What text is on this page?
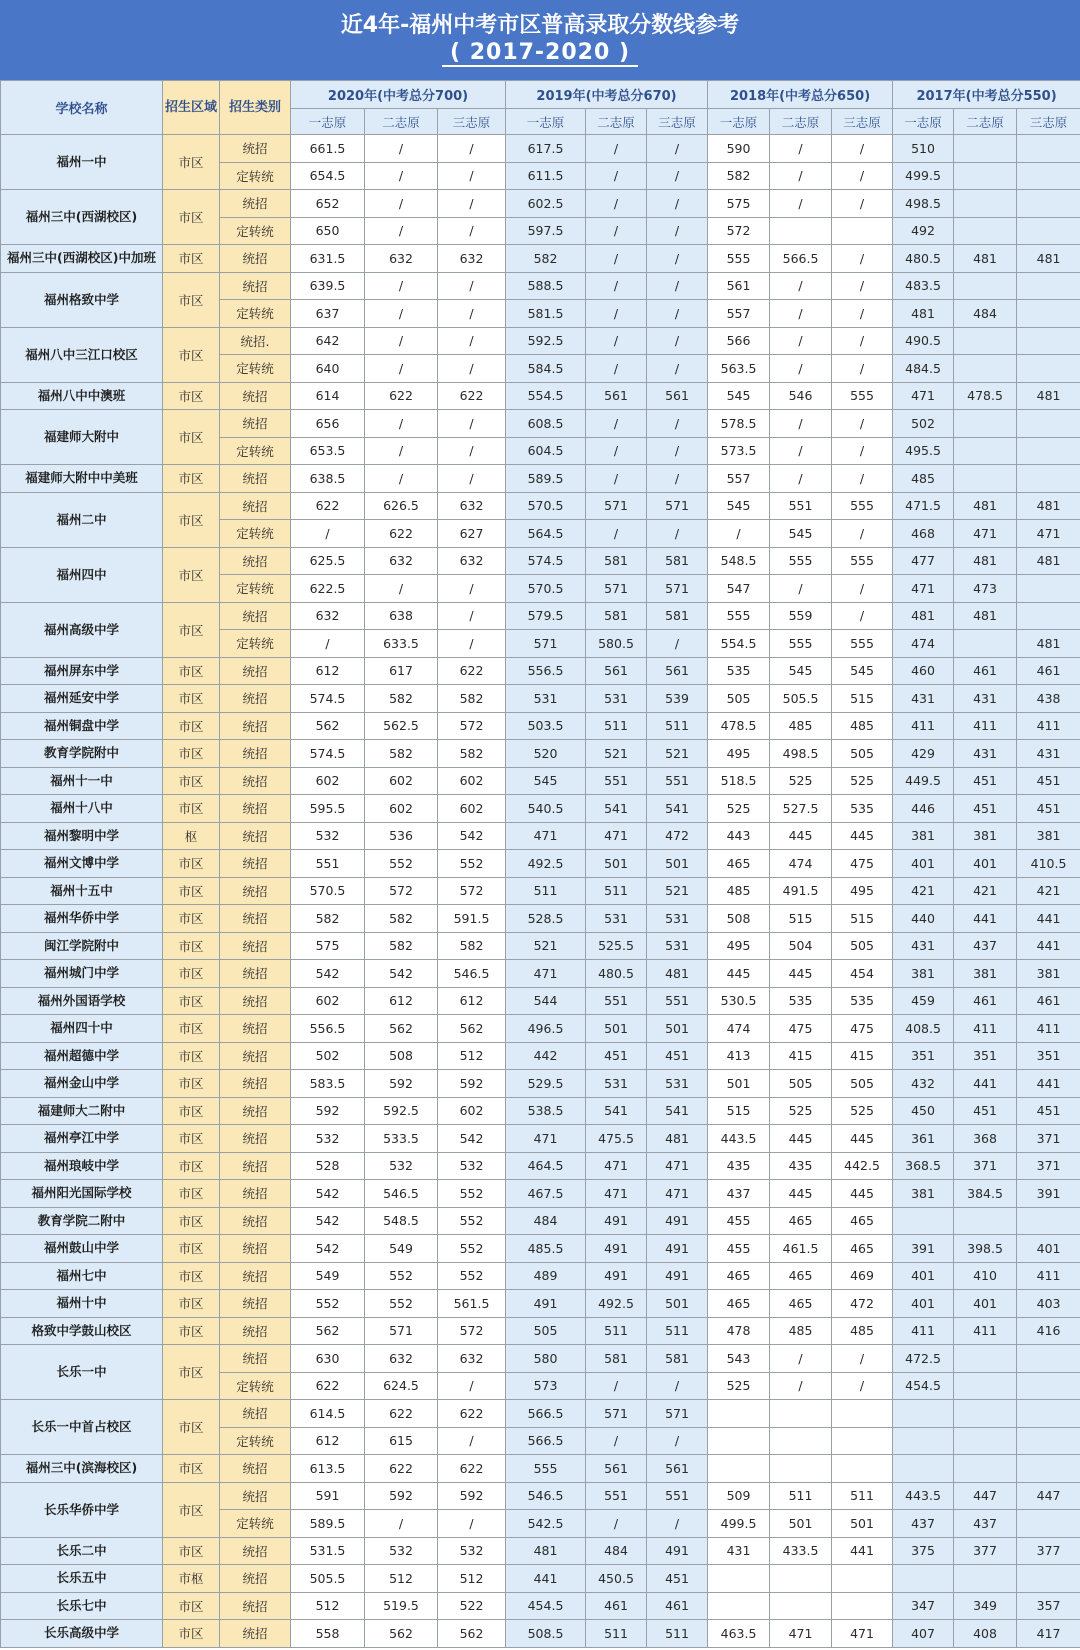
近4年-福州中考市区普高录取分数线参考
( 2017-2020 )
学校名称	招生区域	招生类别	2020年(中考总分700)			2019年(中考总分670)			2018年(中考总分650)			2017年(中考总分550)		
			一志原	二志原	三志原	一志原	二志原	三志原	一志原	二志原	三志原	一志原	二志原	三志原
福州一中	市区	统招	661.5	/	/	617.5	/	/	590	/	/	510		
		定转统	654.5	/	/	611.5	/	/	582	/	/	499.5		
福州三中(西湖校区)	市区	统招	652	/	/	602.5	/	/	575	/	/	498.5		
		定转统	650	/	/	597.5	/	/	572			492		
福州三中(西湖校区)中加班	市区	统招	631.5	632	632	582	/	/	555	566.5	/	480.5	481	481
福州格致中学	市区	统招	639.5	/	/	588.5	/	/	561	/	/	483.5		
		定转统	637	/	/	581.5	/	/	557	/	/	481	484	
福州八中三江口校区	市区	统招.	642	/	/	592.5	/	/	566	/	/	490.5		
		定转统	640	/	/	584.5	/	/	563.5	/	/	484.5		
福州八中中澳班	市区	统招	614	622	622	554.5	561	561	545	546	555	471	478.5	481
福建师大附中	市区	统招	656	/	/	608.5	/	/	578.5	/	/	502		
		定转统	653.5	/	/	604.5	/	/	573.5	/	/	495.5		
福建师大附中中美班	市区	统招	638.5	/	/	589.5	/	/	557	/	/	485		
福州二中	市区	统招	622	626.5	632	570.5	571	571	545	551	555	471.5	481	481
		定转统	/	622	627	564.5	/	/	/	545	/	468	471	471
福州四中	市区	统招	625.5	632	632	574.5	581	581	548.5	555	555	477	481	481
		定转统	622.5	/	/	570.5	571	571	547	/	/	471	473	
福州高级中学	市区	统招	632	638	/	579.5	581	581	555	559	/	481	481	
		定转统	/	633.5	/	571	580.5	/	554.5	555	555	474		481
福州屏东中学	市区	统招	612	617	622	556.5	561	561	535	545	545	460	461	461
福州延安中学	市区	统招	574.5	582	582	531	531	539	505	505.5	515	431	431	438
福州铜盘中学	市区	统招	562	562.5	572	503.5	511	511	478.5	485	485	411	411	411
教育学院附中	市区	统招	574.5	582	582	520	521	521	495	498.5	505	429	431	431
福州十一中	市区	统招	602	602	602	545	551	551	518.5	525	525	449.5	451	451
福州十八中	市区	统招	595.5	602	602	540.5	541	541	525	527.5	535	446	451	451
福州黎明中学	枢	统招	532	536	542	471	471	472	443	445	445	381	381	381
福州文博中学	市区	统招	551	552	552	492.5	501	501	465	474	475	401	401	410.5
福州十五中	市区	统招	570.5	572	572	511	511	521	485	491.5	495	421	421	421
福州华侨中学	市区	统招	582	582	591.5	528.5	531	531	508	515	515	440	441	441
闽江学院附中	市区	统招	575	582	582	521	525.5	531	495	504	505	431	437	441
福州城门中学	市区	统招	542	542	546.5	471	480.5	481	445	445	454	381	381	381
福州外国语学校	市区	统招	602	612	612	544	551	551	530.5	535	535	459	461	461
福州四十中	市区	统招	556.5	562	562	496.5	501	501	474	475	475	408.5	411	411
福州超德中学	市区	统招	502	508	512	442	451	451	413	415	415	351	351	351
福州金山中学	市区	统招	583.5	592	592	529.5	531	531	501	505	505	432	441	441
福建师大二附中	市区	统招	592	592.5	602	538.5	541	541	515	525	525	450	451	451
福州亭江中学	市区	统招	532	533.5	542	471	475.5	481	443.5	445	445	361	368	371
福州琅岐中学	市区	统招	528	532	532	464.5	471	471	435	435	442.5	368.5	371	371
福州阳光国际学校	市区	统招	542	546.5	552	467.5	471	471	437	445	445	381	384.5	391
教育学院二附中	市区	统招	542	548.5	552	484	491	491	455	465	465			
福州鼓山中学	市区	统招	542	549	552	485.5	491	491	455	461.5	465	391	398.5	401
福州七中	市区	统招	549	552	552	489	491	491	465	465	469	401	410	411
福州十中	市区	统招	552	552	561.5	491	492.5	501	465	465	472	401	401	403
格致中学鼓山校区	市区	统招	562	571	572	505	511	511	478	485	485	411	411	416
长乐一中	市区	统招	630	632	632	580	581	581	543	/	/	472.5		
		定转统	622	624.5	/	573	/	/	525	/	/	454.5		
长乐一中首占校区	市区	统招	614.5	622	622	566.5	571	571						
		定转统	612	615	/	566.5	/	/						
福州三中(滨海校区)	市区	统招	613.5	622	622	555	561	561						
长乐华侨中学	市区	统招	591	592	592	546.5	551	551	509	511	511	443.5	447	447
		定转统	589.5	/	/	542.5	/	/	499.5	501	501	437	437	
长乐二中	市区	统招	531.5	532	532	481	484	491	431	433.5	441	375	377	377
长乐五中	市枢	统招	505.5	512	512	441	450.5	451						
长乐七中	市区	统招	512	519.5	522	454.5	461	461				347	349	357
长乐高级中学	市区	统招	558	562	562	508.5	511	511	463.5	471	471	407	408	417
